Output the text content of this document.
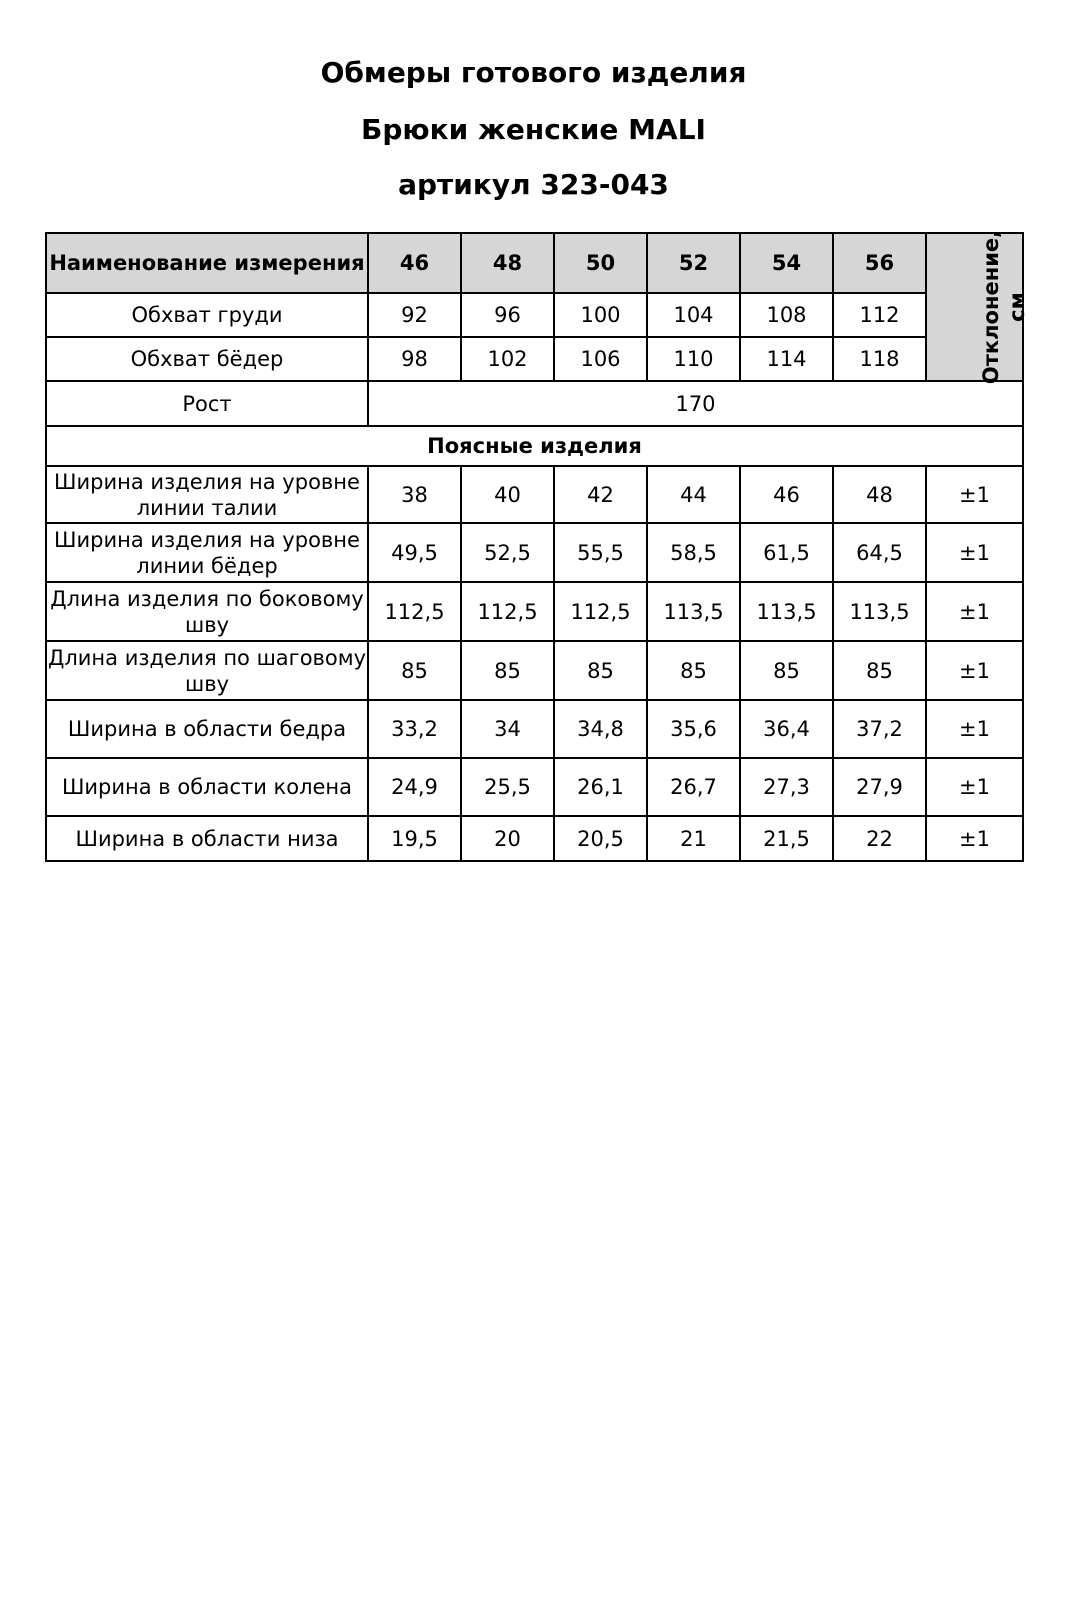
Обмеры готового изделия
Брюки женские MALI
артикул 323-043
Наименование измерения	46	48	50	52	54	56	Отклонение, см

Обхват груди	92	96	100	104	108	112	
Обхват бёдер	98	102	106	110	114	118	
Рост	170						
Поясные изделия							
Ширина изделия на уровне линии талии	38	40	42	44	46	48	±1
Ширина изделия на уровне линии бёдер	49,5	52,5	55,5	58,5	61,5	64,5	±1
Длина изделия по боковому шву	112,5	112,5	112,5	113,5	113,5	113,5	±1
Длина изделия по шаговому шву	85	85	85	85	85	85	±1
Ширина в области бедра	33,2	34	34,8	35,6	36,4	37,2	±1
Ширина в области колена	24,9	25,5	26,1	26,7	27,3	27,9	±1
Ширина в области низа	19,5	20	20,5	21	21,5	22	±1
